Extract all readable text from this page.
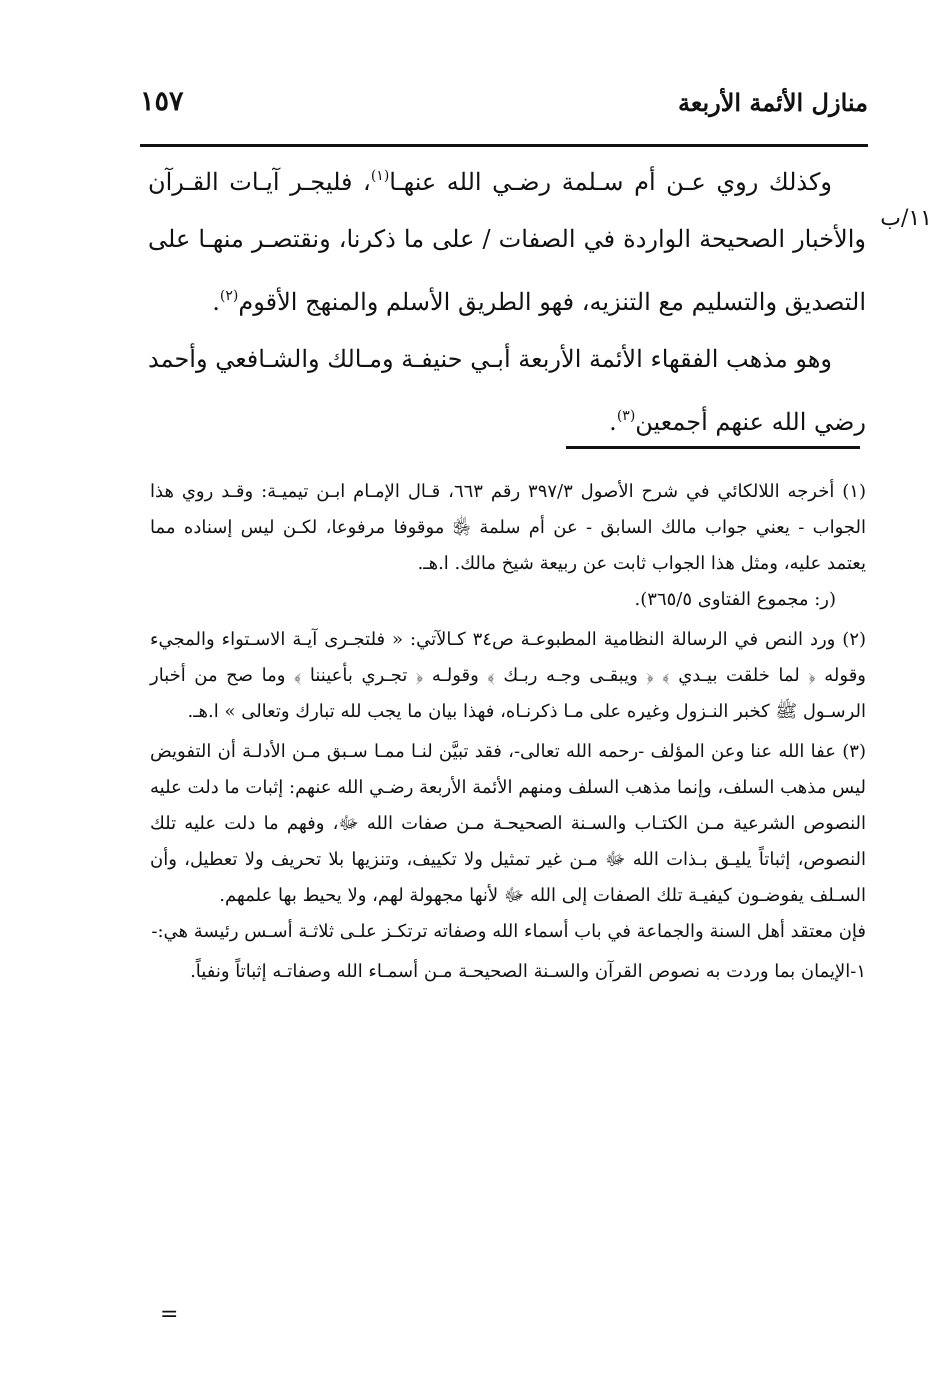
منازل الأئمة الأربعة
١٥٧
١١/ب

وكذلك روي عـن أم سـلمة رضـي الله عنهـا$^{(١)}$، فليجـر آيـات القـرآن والأخبار الصحيحة الواردة في الصفات / على ما ذكرنا، ونقتصـر منهـا على التصديق والتسليم مع التنزيه، فهو الطريق الأسلم والمنهج الأقوم$^{(٢)}$.

وهو مذهب الفقهاء الأئمة الأربعة أبـي حنيفـة ومـالك والشـافعي وأحمد رضي الله عنهم أجمعين$^{(٣)}$.

(١) أخرجه اللالكائي في شرح الأصول ٣٩٧/٣ رقم ٦٦٣، قـال الإمـام ابـن تيميـة: وقـد روي هذا الجواب - يعني جواب مالك السابق - عن أم سلمة ﵂ موقوفا مرفوعا، لكـن ليس إسناده مما يعتمد عليه، ومثل هذا الجواب ثابت عن ربيعة شيخ مالك. ا.هـ.

(ر: مجموع الفتاوى ٣٦٥/٥).

(٢) ورد النص في الرسالة النظامية المطبوعـة ص٣٤ كـالآتي: « فلتجـرى آيـة الاسـتواء والمجيء وقوله ﴿ لما خلقت بيـدي ﴾ ﴿ ويبقـى وجـه ربـك ﴾ وقولـه ﴿ تجـري بأعيننا ﴾ وما صح من أخبار الرسـول ﷺ كخبر النـزول وغيره على مـا ذكرنـاه، فهذا بيان ما يجب لله تبارك وتعالى » ا.هـ.

(٣) عفا الله عنا وعن المؤلف -رحمه الله تعالى-، فقد تبيَّن لنـا ممـا سـبق مـن الأدلـة أن التفويض ليس مذهب السلف، وإنما مذهب السلف ومنهم الأئمة الأربعة رضـي الله عنهم: إثبات ما دلت عليه النصوص الشرعية مـن الكتـاب والسـنة الصحيحـة مـن صفات الله ﷻ، وفهم ما دلت عليه تلك النصوص، إثباتاً يليـق بـذات الله ﷻ مـن غير تمثيل ولا تكييف، وتنزيها بلا تحريف ولا تعطيل، وأن السـلف يفوضـون كيفيـة تلك الصفات إلى الله ﷻ لأنها مجهولة لهم، ولا يحيط بها علمهم.

فإن معتقد أهل السنة والجماعة في باب أسماء الله وصفاته ترتكـز علـى ثلاثـة أسـس رئيسة هي:-

١-الإيمان بما وردت به نصوص القرآن والسـنة الصحيحـة مـن أسمـاء الله وصفاتـه إثباتاً ونفياً.

=
